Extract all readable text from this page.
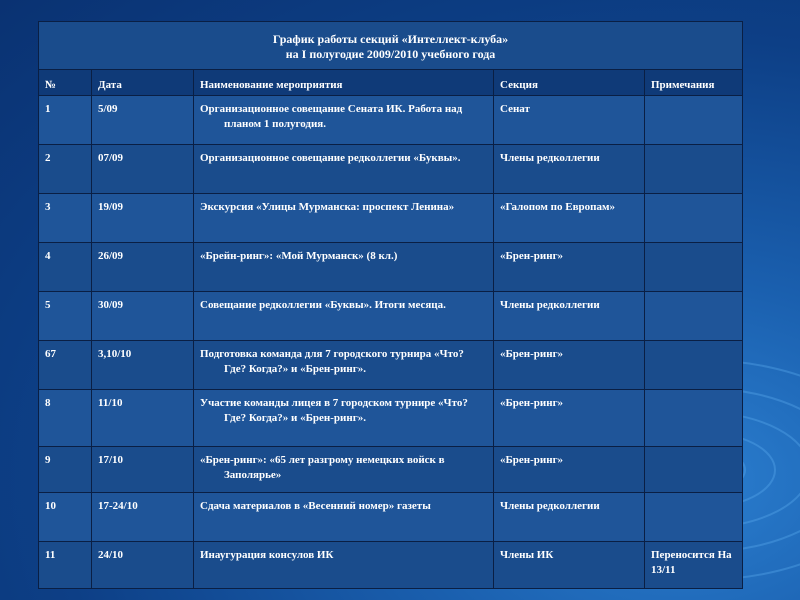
График работы секций «Интеллект-клуба»
на I полугодие 2009/2010 учебного года				

№	Дата	Наименование мероприятия	Секция	Примечания
1	5/09	Организационное совещание Сената ИК. Работа над планом 1 полугодия.	Сенат	
2	07/09	Организационное совещание редколлегии «Буквы».	Члены редколлегии	
3	19/09	Экскурсия «Улицы Мурманска: проспект Ленина»	«Галопом по Европам»	
4	26/09	«Брейн-ринг»: «Мой Мурманск» (8 кл.)	«Брен-ринг»	
5	30/09	Совещание редколлегии «Буквы». Итоги месяца.	Члены редколлегии	
67	3,10/10	Подготовка команда для 7 городского турнира «Что? Где? Когда?» и «Брен-ринг».	«Брен-ринг»	
8	11/10	Участие команды лицея в 7 городском турнире «Что? Где? Когда?» и «Брен-ринг».	«Брен-ринг»	
9	17/10	«Брен-ринг»: «65 лет разгрому немецких войск в Заполярье»	«Брен-ринг»	
10	17-24/10	Сдача материалов в «Весенний номер» газеты	Члены редколлегии	
11	24/10	Инаугурация консулов ИК	Члены ИК	Переносится На 13/11
